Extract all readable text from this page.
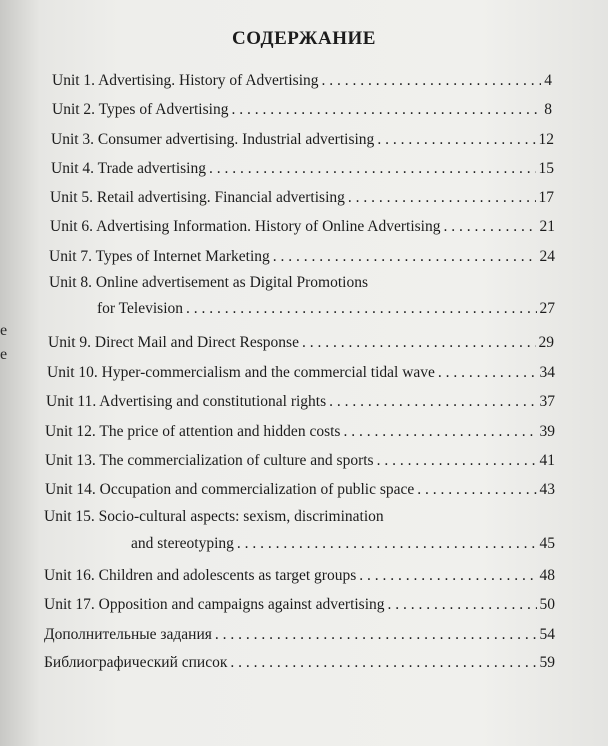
e
e
СОДЕРЖАНИЕ
Unit 1. Advertising. History of Advertising . . .	4
Unit 2. Types of Advertising . . .	8
Unit 3. Consumer advertising. Industrial advertising . . .	12
Unit 4. Trade advertising . . .	15
Unit 5. Retail advertising. Financial advertising . . .	17
Unit 6. Advertising Information. History of Online Advertising . . .	21
Unit 7. Types of Internet Marketing . . .	24
Unit 8. Online advertisement as Digital Promotions
for Television . . .	27
Unit 9. Direct Mail and Direct Response . . .	29
Unit 10. Hyper-commercialism and the commercial tidal wave . . .	34
Unit 11. Advertising and constitutional rights . . .	37
Unit 12. The price of attention and hidden costs . . .	39
Unit 13. The commercialization of culture and sports . . .	41
Unit 14. Occupation and commercialization of public space . . .	43
Unit 15. Socio-cultural aspects: sexism, discrimination
and stereotyping . . .	45
Unit 16. Children and adolescents as target groups . . .	48
Unit 17. Opposition and campaigns against advertising . . .	50
Дополнительные задания . . .	54
Библиографический список . . .	59
